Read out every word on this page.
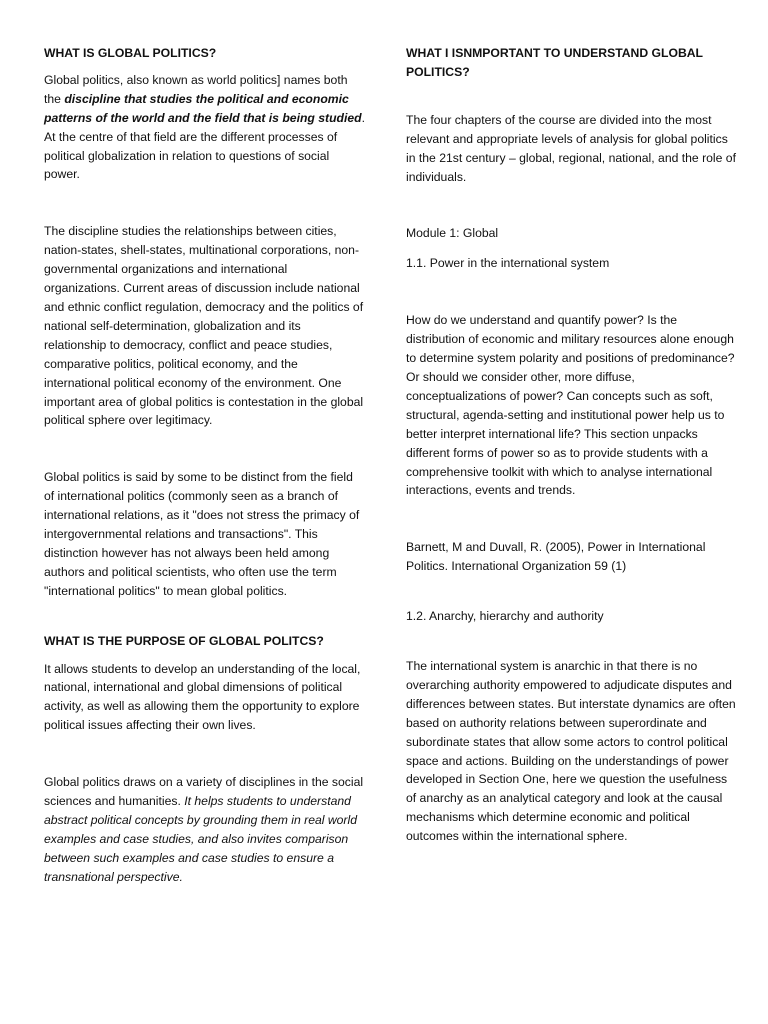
WHAT IS GLOBAL POLITICS?

Global politics, also known as world politics] names both the discipline that studies the political and economic patterns of the world and the field that is being studied. At the centre of that field are the different processes of political globalization in relation to questions of social power.

The discipline studies the relationships between cities, nation-states, shell-states, multinational corporations, non-governmental organizations and international organizations. Current areas of discussion include national and ethnic conflict regulation, democracy and the politics of national self-determination, globalization and its relationship to democracy, conflict and peace studies, comparative politics, political economy, and the international political economy of the environment. One important area of global politics is contestation in the global political sphere over legitimacy.

Global politics is said by some to be distinct from the field of international politics (commonly seen as a branch of international relations, as it "does not stress the primacy of intergovernmental relations and transactions". This distinction however has not always been held among authors and political scientists, who often use the term "international politics" to mean global politics.

WHAT IS THE PURPOSE OF GLOBAL POLITCS?

It allows students to develop an understanding of the local, national, international and global dimensions of political activity, as well as allowing them the opportunity to explore political issues affecting their own lives.

Global politics draws on a variety of disciplines in the social sciences and humanities. It helps students to understand abstract political concepts by grounding them in real world examples and case studies, and also invites comparison between such examples and case studies to ensure a transnational perspective.

WHAT I ISNMPORTANT TO UNDERSTAND GLOBAL POLITICS?

The four chapters of the course are divided into the most relevant and appropriate levels of analysis for global politics in the 21st century – global, regional, national, and the role of individuals.

Module 1: Global
1.1. Power in the international system

How do we understand and quantify power? Is the distribution of economic and military resources alone enough to determine system polarity and positions of predominance? Or should we consider other, more diffuse, conceptualizations of power? Can concepts such as soft, structural, agenda-setting and institutional power help us to better interpret international life? This section unpacks different forms of power so as to provide students with a comprehensive toolkit with which to analyse international interactions, events and trends.

Barnett, M and Duvall, R. (2005), Power in International Politics. International Organization 59 (1)

1.2. Anarchy, hierarchy and authority

The international system is anarchic in that there is no overarching authority empowered to adjudicate disputes and differences between states. But interstate dynamics are often based on authority relations between superordinate and subordinate states that allow some actors to control political space and actions. Building on the understandings of power developed in Section One, here we question the usefulness of anarchy as an analytical category and look at the causal mechanisms which determine economic and political outcomes within the international sphere.
